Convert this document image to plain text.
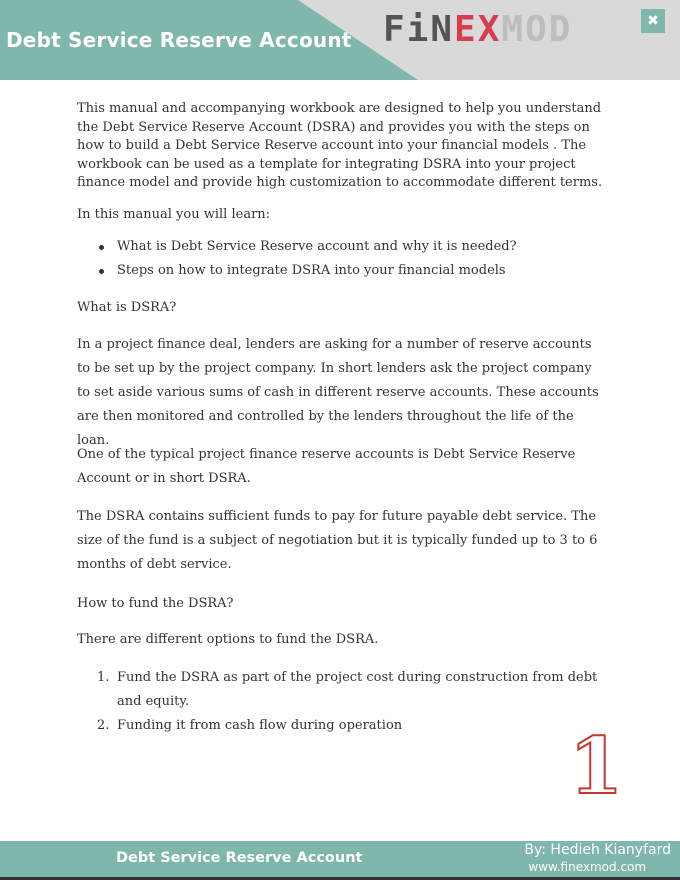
Debt Service Reserve Account FiNEXMOD	✖

This manual and accompanying workbook are designed to help you understand the Debt Service Reserve Account (DSRA) and provides you with the steps on how to build a Debt Service Reserve account into your financial models . The workbook can be used as a template for integrating DSRA into your project finance model and provide high customization to accommodate different terms.

In this manual you will learn:

What is Debt Service Reserve account and why it is needed?
Steps on how to integrate DSRA into your financial models

What is DSRA?

In a project finance deal, lenders are asking for a number of reserve accounts to be set up by the project company. In short lenders ask the project company to set aside various sums of cash in different reserve accounts. These accounts are then monitored and controlled by the lenders throughout the life of the loan.

One of the typical project finance reserve accounts is Debt Service Reserve Account or in short DSRA.

The DSRA contains sufficient funds to pay for future payable debt service. The size of the fund is a subject of negotiation but it is typically funded up to 3 to 6 months of debt service.

How to fund the DSRA?

There are different options to fund the DSRA.

1. Fund the DSRA as part of the project cost during construction from debt and equity.
2. Funding it from cash flow during operation	1
Debt Service Reserve Account	By: Hedieh Kianyfard
www.finexmod.com
